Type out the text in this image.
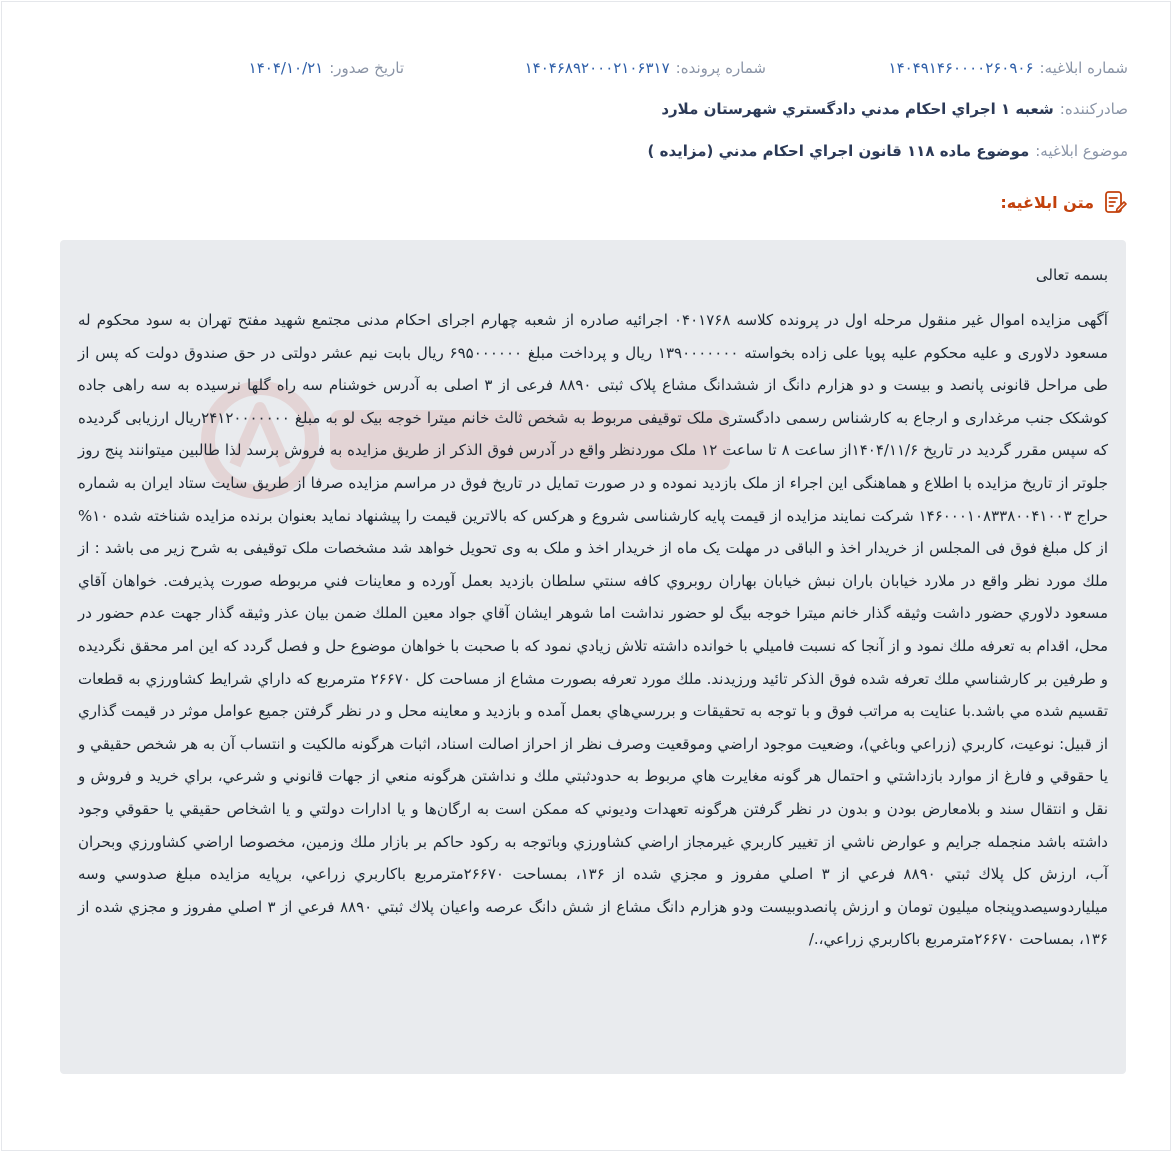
شماره ابلاغیه:
۱۴۰۴۹۱۴۶۰۰۰۰۲۶۰۹۰۶
شماره پرونده:
۱۴۰۴۶۸۹۲۰۰۰۲۱۰۶۳۱۷
تاریخ صدور:
۱۴۰۴/۱۰/۲۱
صادرکننده:
شعبه ۱ اجراي احكام مدني دادگستري شهرستان ملارد
موضوع ابلاغیه:
موضوع ماده ۱۱۸ قانون اجراي احكام مدني (مزايده )
متن ابلاغیه:

بسمه تعالی

آگهی مزایده اموال غیر منقول مرحله اول در پرونده کلاسه ۰۴۰۱۷۶۸ اجرائیه صادره از شعبه چهارم اجرای احکام مدنی مجتمع شهید مفتح تهران به سود محکوم له مسعود دلاوری و علیه محکوم علیه پویا علی زاده بخواسته ۱۳۹۰۰۰۰۰۰۰ ریال و پرداخت مبلغ ۶۹۵۰۰۰۰۰۰ ریال بابت نیم عشر دولتی در حق صندوق دولت که پس از طی مراحل قانونی پانصد و بیست و دو هزارم دانگ از ششدانگ مشاع پلاک ثبتی ۸۸۹۰ فرعی از ۳ اصلی به آدرس خوشنام سه راه گلها نرسیده به سه راهی جاده کوشکک جنب مرغداری و ارجاع به کارشناس رسمی دادگستری ملک توقیفی مربوط به شخص ثالث خانم میترا خوجه بیک لو به مبلغ ۲۴۱۲۰۰۰۰۰۰۰ریال ارزیابی گردیده که سپس مقرر گردید در تاریخ ۱۴۰۴/۱۱/۶از ساعت ۸ تا ساعت ۱۲ ملک موردنظر واقع در آدرس فوق الذکر از طریق مزایده به فروش برسد لذا طالبین میتوانند پنج روز جلوتر از تاریخ مزایده با اطلاع و هماهنگی این اجراء از ملک بازدید نموده و در صورت تمایل در تاریخ فوق در مراسم مزایده صرفا از طریق سایت ستاد ایران به شماره حراج ۱۴۶۰۰۰۱۰۸۳۳۸۰۰۴۱۰۰۳ شرکت نمایند مزایده از قیمت پایه کارشناسی شروع و هرکس که بالاترین قیمت را پیشنهاد نماید بعنوان برنده مزایده شناخته شده ۱۰% از کل مبلغ فوق فی المجلس از خریدار اخذ و الباقی در مهلت یک ماه از خریدار اخذ و ملک به وی تحویل خواهد شد مشخصات ملک توقیفی به شرح زیر می باشد : از ملك مورد نظر واقع در ملارد خيابان باران نبش خيابان بهاران روبروي كافه سنتي سلطان بازديد بعمل آورده و معاينات فني مربوطه صورت پذيرفت. خواهان آقاي مسعود دلاوري حضور داشت وثيقه گذار خانم ميترا خوجه بيگ لو حضور نداشت اما شوهر ايشان آقاي جواد معين الملك ضمن بيان عذر وثيقه گذار جهت عدم حضور در محل، اقدام به تعرفه ملك نمود و از آنجا كه نسبت فاميلي با خوانده داشته تلاش زيادي نمود كه با صحبت با خواهان موضوع حل و فصل گردد كه اين امر محقق نگرديده و طرفين بر كارشناسي ملك تعرفه شده فوق الذكر تائيد ورزيدند. ملك مورد تعرفه بصورت مشاع از مساحت كل ۲۶۶۷۰ مترمربع كه داراي شرايط كشاورزي به قطعات تقسيم شده مي باشد.با عنايت به مراتب فوق و با توجه به تحقيقات و بررسي‌هاي بعمل آمده و بازديد و معاينه محل و در نظر گرفتن جميع عوامل موثر در قيمت گذاري از قبيل: نوعيت، كاربري (زراعي وباغي)، وضعيت موجود اراضي وموقعيت وصرف نظر از احراز اصالت اسناد، اثبات هرگونه مالكيت و انتساب آن به هر شخص حقيقي و يا حقوقي و فارغ از موارد بازداشتي و احتمال هر گونه مغايرت هاي مربوط به حدودثبتي ملك و نداشتن هرگونه منعي از جهات قانوني و شرعي، براي خريد و فروش و نقل و انتقال سند و بلامعارض بودن و بدون در نظر گرفتن هرگونه تعهدات وديوني كه ممكن است به ارگان‌ها و يا ادارات دولتي و يا اشخاص حقيقي يا حقوقي وجود داشته باشد منجمله جرايم و عوارض ناشي از تغيير كاربري غيرمجاز اراضي كشاورزي وباتوجه به ركود حاكم بر بازار ملك وزمين، مخصوصا اراضي كشاورزي وبحران آب، ارزش كل پلاك ثبتي ۸۸۹۰ فرعي از ۳ اصلي مفروز و مجزي شده از ۱۳۶، بمساحت ۲۶۶۷۰مترمربع باكاربري زراعي، برپايه مزايده مبلغ صدوسي وسه ميلياردوسيصدوپنجاه ميليون تومان و ارزش پانصدوبيست ودو هزارم دانگ مشاع از شش دانگ عرصه واعيان پلاك ثبتي ۸۸۹۰ فرعي از ۳ اصلي مفروز و مجزي شده از ۱۳۶، بمساحت ۲۶۶۷۰مترمربع باكاربري زراعي،./
